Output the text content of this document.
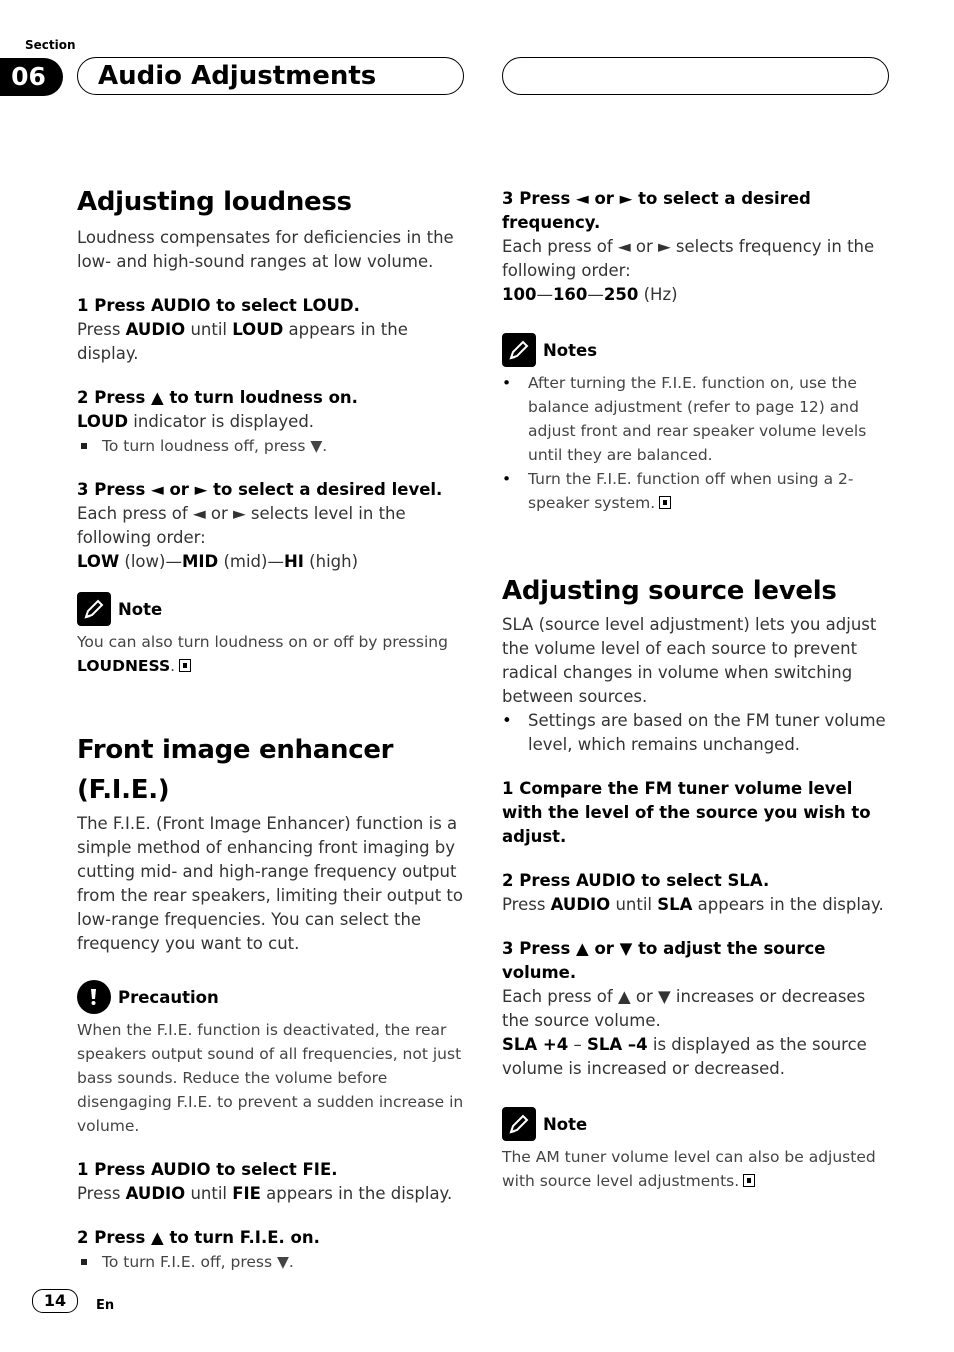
Section
06	Audio Adjustments
Adjusting loudness

Loudness compensates for deficiencies in the low- and high-sound ranges at low volume.

1 Press AUDIO to select LOUD.

Press AUDIO until LOUD appears in the display.

2 Press ▲ to turn loudness on.

LOUD indicator is displayed.

To turn loudness off, press ▼.

3 Press ◄ or ► to select a desired level.

Each press of ◄ or ► selects level in the following order:

LOW (low)—MID (mid)—HI (high)

Note

You can also turn loudness on or off by pressing LOUDNESS.

Front image enhancer (F.I.E.)

The F.I.E. (Front Image Enhancer) function is a simple method of enhancing front imaging by cutting mid- and high-range frequency output from the rear speakers, limiting their output to low-range frequencies. You can select the frequency you want to cut.

Precaution

When the F.I.E. function is deactivated, the rear speakers output sound of all frequencies, not just bass sounds. Reduce the volume before disengaging F.I.E. to prevent a sudden increase in volume.

1 Press AUDIO to select FIE.

Press AUDIO until FIE appears in the display.

2 Press ▲ to turn F.I.E. on.

To turn F.I.E. off, press ▼.

3 Press ◄ or ► to select a desired frequency.

Each press of ◄ or ► selects frequency in the following order:

100—160—250 (Hz)

Notes

• After turning the F.I.E. function on, use the balance adjustment (refer to page 12) and adjust front and rear speaker volume levels until they are balanced.

• Turn the F.I.E. function off when using a 2-speaker system.

Adjusting source levels

SLA (source level adjustment) lets you adjust the volume level of each source to prevent radical changes in volume when switching between sources.

• Settings are based on the FM tuner volume level, which remains unchanged.

1 Compare the FM tuner volume level with the level of the source you wish to adjust.

2 Press AUDIO to select SLA.

Press AUDIO until SLA appears in the display.

3 Press ▲ or ▼ to adjust the source volume.

Each press of ▲ or ▼ increases or decreases the source volume.

SLA +4 – SLA –4 is displayed as the source volume is increased or decreased.

Note

The AM tuner volume level can also be adjusted with source level adjustments.

14	En
